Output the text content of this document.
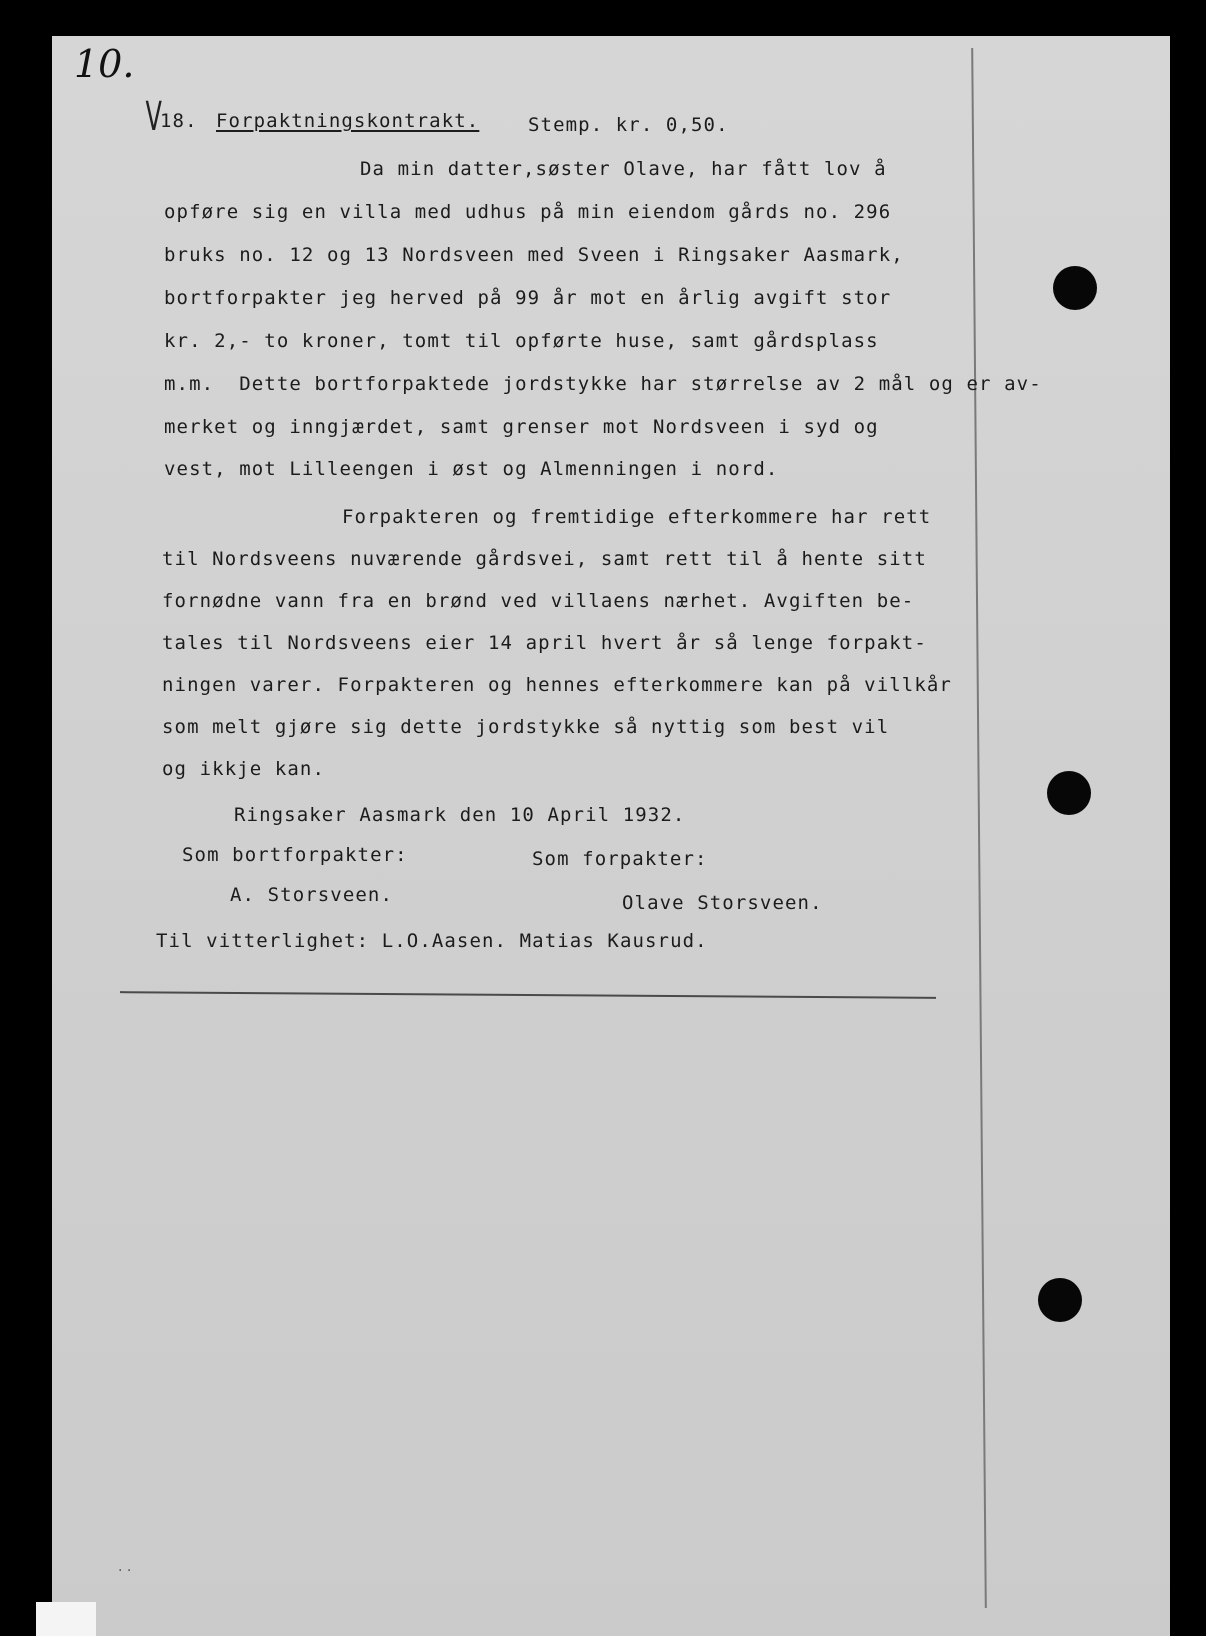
10.
V

18.

Forpaktningskontrakt.

	Stemp. kr. 0,50.

Da min datter,søster Olave, har fått lov å

opføre sig en villa med udhus på min eiendom gårds no. 296

bruks no. 12 og 13 Nordsveen med Sveen i Ringsaker Aasmark,

bortforpakter jeg herved på 99 år mot en årlig avgift stor

kr. 2,- to kroner, tomt til opførte huse, samt gårdsplass

m.m.  Dette bortforpaktede jordstykke har størrelse av 2 mål og er av-

merket og inngjærdet, samt grenser mot Nordsveen i syd og

vest, mot Lilleengen i øst og Almenningen i nord.

Forpakteren og fremtidige efterkommere har rett

til Nordsveens nuværende gårdsvei, samt rett til å hente sitt

fornødne vann fra en brønd ved villaens nærhet. Avgiften be-

tales til Nordsveens eier 14 april hvert år så lenge forpakt-

ningen varer. Forpakteren og hennes efterkommere kan på villkår

som melt gjøre sig dette jordstykke så nyttig som best vil

og ikkje kan.

Ringsaker Aasmark den 10 April 1932.

Som bortforpakter:

	Som forpakter:

A. Storsveen.

	Olave Storsveen.

Til vitterlighet: L.O.Aasen. Matias Kausrud.

· ·
